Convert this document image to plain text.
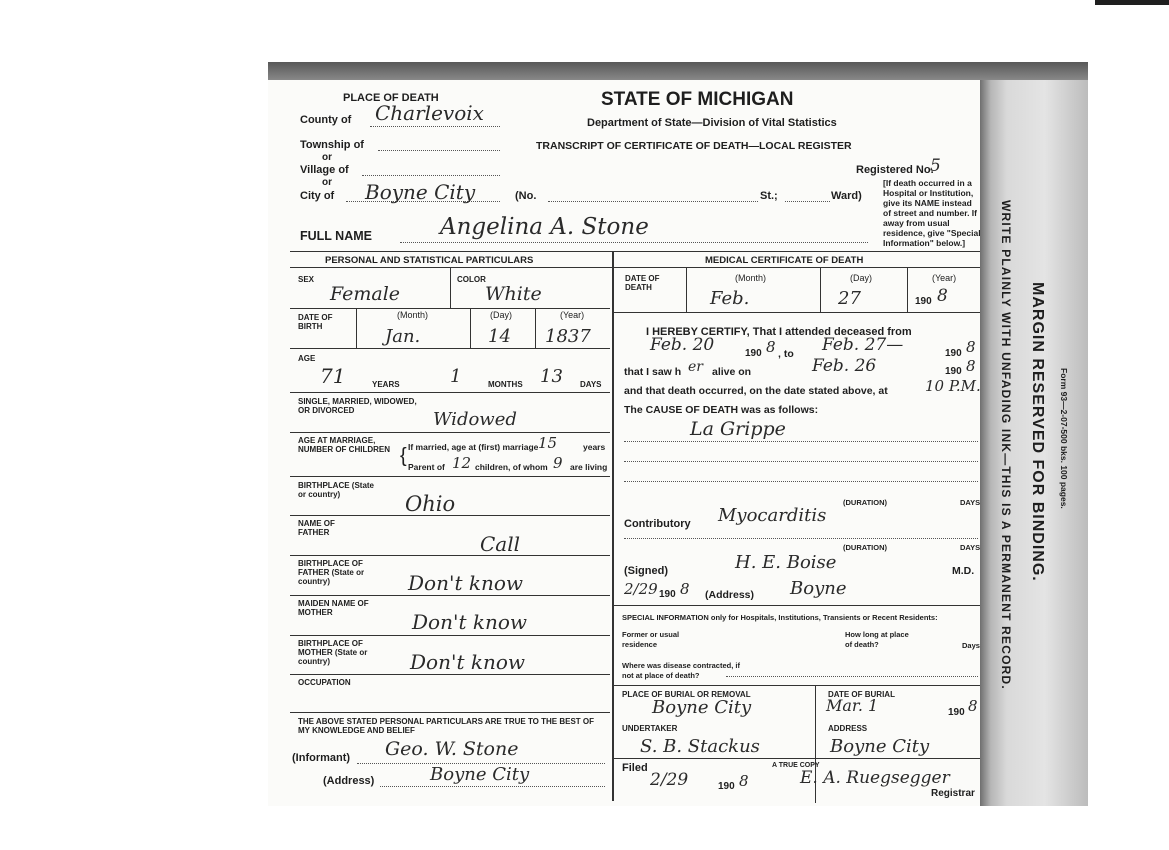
PLACE OF DEATH	STATE OF MICHIGAN
Department of State—Division of Vital Statistics
TRANSCRIPT OF CERTIFICATE OF DEATH—LOCAL REGISTER
Registered No.
5
[If death occurred in a Hospital or Institution, give its NAME instead of street and number. If away from usual residence, give "Special Information" below.]
County of Charlevoix
Township of
or
Village of
or
City of Boyne City	(No.	St.;	Ward)
FULL NAME	Angelina A. Stone
PERSONAL AND STATISTICAL PARTICULARS	MEDICAL CERTIFICATE OF DEATH
SEX	COLOR
Female	White
DATE OF BIRTH
(Month)	(Day)	(Year)
Jan.	14 1837
AGE
71	YEARS	1	MONTHS 13 DAYS
SINGLE, MARRIED, WIDOWED, OR DIVORCED	Widowed
AGE AT MARRIAGE, NUMBER OF CHILDREN { If married, age at (first) marriage 15	years
Parent of 12 children, of whom 9 are living
BIRTHPLACE (State or country)	Ohio
NAME OF FATHER	Call
BIRTHPLACE OF FATHER (State or country)	Don't know
MAIDEN NAME OF MOTHER	Don't know
BIRTHPLACE OF MOTHER (State or country)	Don't know
OCCUPATION
THE ABOVE STATED PERSONAL PARTICULARS ARE TRUE TO THE BEST OF MY KNOWLEDGE AND BELIEF
(Informant) Geo. W. Stone
(Address)	Boyne City
DATE OF DEATH
(Month)	(Day)	(Year)
Feb.	27	190 8
I HEREBY CERTIFY, That I attended deceased from
Feb. 20	190 8 , to Feb. 27—	190 8
that I saw h er alive on	Feb. 26	190 8
and that death occurred, on the date stated above, at 10 P.M.
The CAUSE OF DEATH was as follows:
La Grippe
(DURATION)	DAYS
Contributory Myocarditis
(DURATION)	DAYS
(Signed)	H. E. Boise	M.D.
2/29 190 8 (Address) Boyne
SPECIAL INFORMATION only for Hospitals, Institutions, Transients or Recent Residents:
Former or usual residence
How long at place of death?	Days
Where was disease contracted, if not at place of death?
PLACE OF BURIAL OR REMOVAL	DATE OF BURIAL
Boyne City	Mar. 1	190 8
UNDERTAKER	ADDRESS
S. B. Stackus	Boyne City
Filed
2/29	190 8
A TRUE COPY
E. A. Ruegsegger
Registrar
MARGIN RESERVED FOR BINDING.
WRITE PLAINLY WITH UNFADING INK—THIS IS A PERMANENT RECORD.	Form 93—2-07-500 bks. 100 pages.
